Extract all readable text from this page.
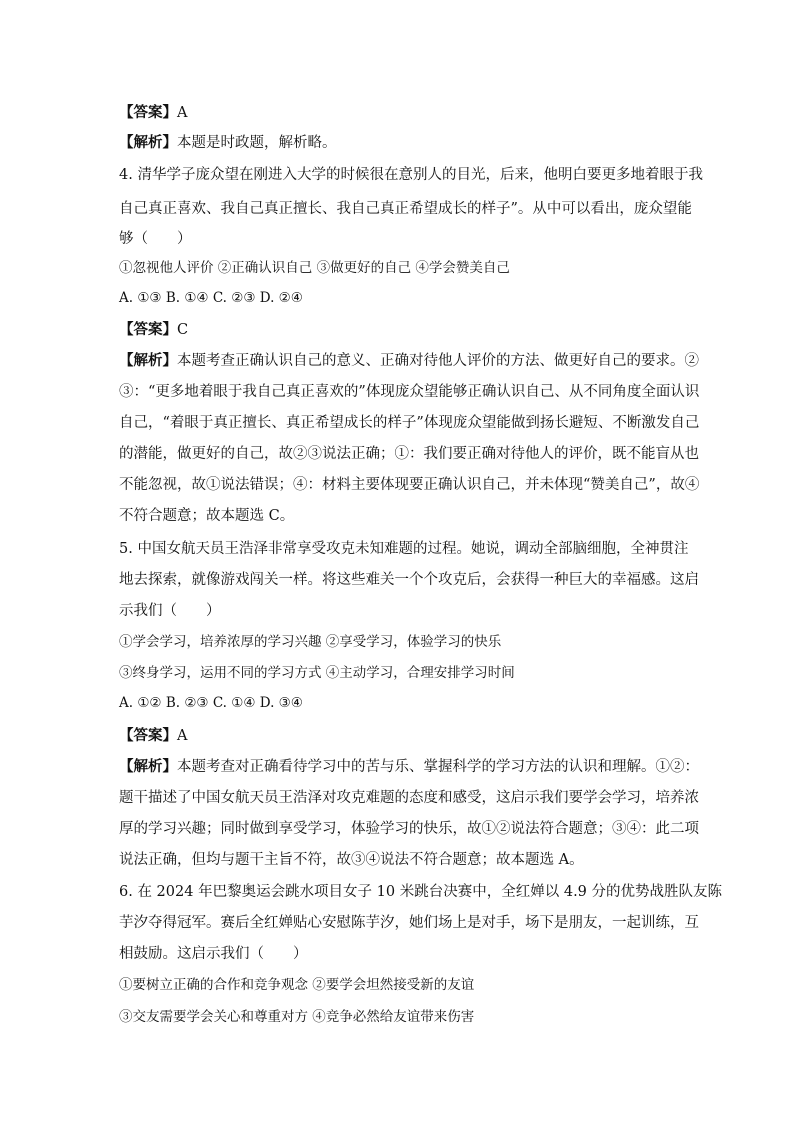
【答案】A
【解析】本题是时政题，解析略。
4. 清华学子庞众望在刚进入大学的时候很在意别人的目光，后来，他明白要更多地着眼于我
自己真正喜欢、我自己真正擅长、我自己真正希望成长的样子”。从中可以看出，庞众望能
够（　　）
①忽视他人评价 ②正确认识自己 ③做更好的自己 ④学会赞美自己
A. ①③ B. ①④ C. ②③ D. ②④
【答案】C
【解析】本题考查正确认识自己的意义、正确对待他人评价的方法、做更好自己的要求。②
③：“更多地着眼于我自己真正喜欢的”体现庞众望能够正确认识自己、从不同角度全面认识
自己，“着眼于真正擅长、真正希望成长的样子”体现庞众望能做到扬长避短、不断激发自己
的潜能，做更好的自己，故②③说法正确；①：我们要正确对待他人的评价，既不能盲从也
不能忽视，故①说法错误；④：材料主要体现要正确认识自己，并未体现“赞美自己”，故④
不符合题意；故本题选 C。
5. 中国女航天员王浩泽非常享受攻克未知难题的过程。她说，调动全部脑细胞，全神贯注
地去探索，就像游戏闯关一样。将这些难关一个个攻克后，会获得一种巨大的幸福感。这启
示我们（　　）
①学会学习，培养浓厚的学习兴趣 ②享受学习，体验学习的快乐
③终身学习，运用不同的学习方式 ④主动学习，合理安排学习时间
A. ①② B. ②③ C. ①④ D. ③④
【答案】A
【解析】本题考查对正确看待学习中的苦与乐、掌握科学的学习方法的认识和理解。①②：
题干描述了中国女航天员王浩泽对攻克难题的态度和感受，这启示我们要学会学习，培养浓
厚的学习兴趣；同时做到享受学习，体验学习的快乐，故①②说法符合题意；③④：此二项
说法正确，但均与题干主旨不符，故③④说法不符合题意；故本题选 A。
6. 在 2024 年巴黎奥运会跳水项目女子 10 米跳台决赛中，全红婵以 4.9 分的优势战胜队友陈
芋汐夺得冠军。赛后全红婵贴心安慰陈芋汐，她们场上是对手，场下是朋友，一起训练，互
相鼓励。这启示我们（　　）
①要树立正确的合作和竞争观念 ②要学会坦然接受新的友谊
③交友需要学会关心和尊重对方 ④竞争必然给友谊带来伤害
